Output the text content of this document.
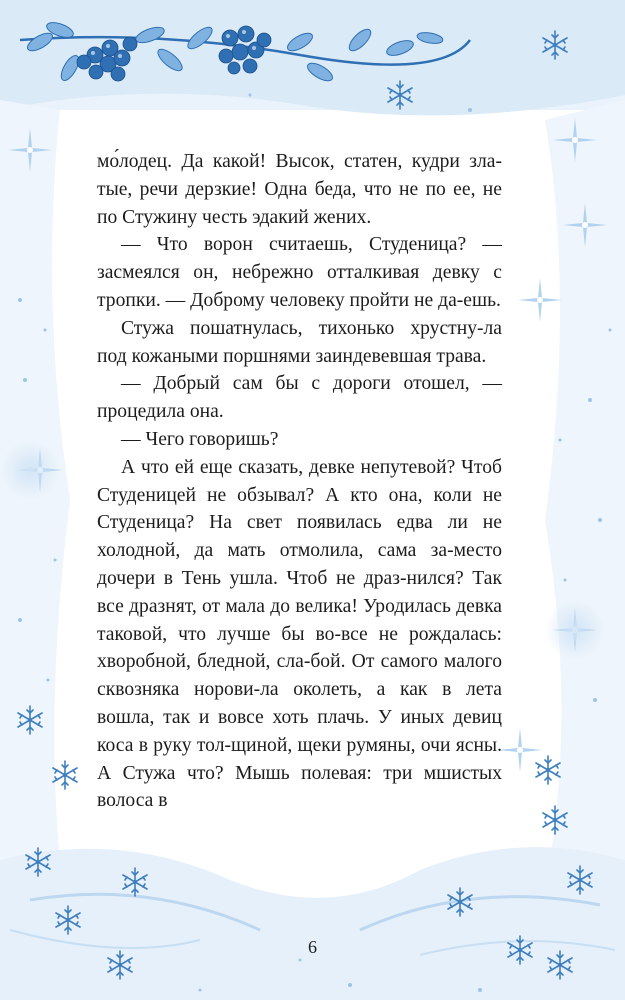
мо́лодец. Да какой! Высок, статен, кудри зла-тые, речи дерзкие! Одна беда, что не по ее, не по Стужину честь эдакий жених.

— Что ворон считаешь, Студеница? — засмеялся он, небрежно отталкивая девку с тропки. — Доброму человеку пройти не да-ешь.

Стужа пошатнулась, тихонько хрустну-ла под кожаными поршнями заиндевевшая трава.

— Добрый сам бы с дороги отошел, — процедила она.

— Чего говоришь?

А что ей еще сказать, девке непутевой? Чтоб Студеницей не обзывал? А кто она, коли не Студеница? На свет появилась едва ли не холодной, да мать отмолила, сама за-место дочери в Тень ушла. Чтоб не драз-нился? Так все дразнят, от мала до велика! Уродилась девка таковой, что лучше бы во-все не рождалась: хворобной, бледной, сла-бой. От самого малого сквозняка норови-ла околеть, а как в лета вошла, так и вовсе хоть плачь. У иных девиц коса в руку тол-щиной, щеки румяны, очи ясны. А Стужа что? Мышь полевая: три мшистых волоса в

6
